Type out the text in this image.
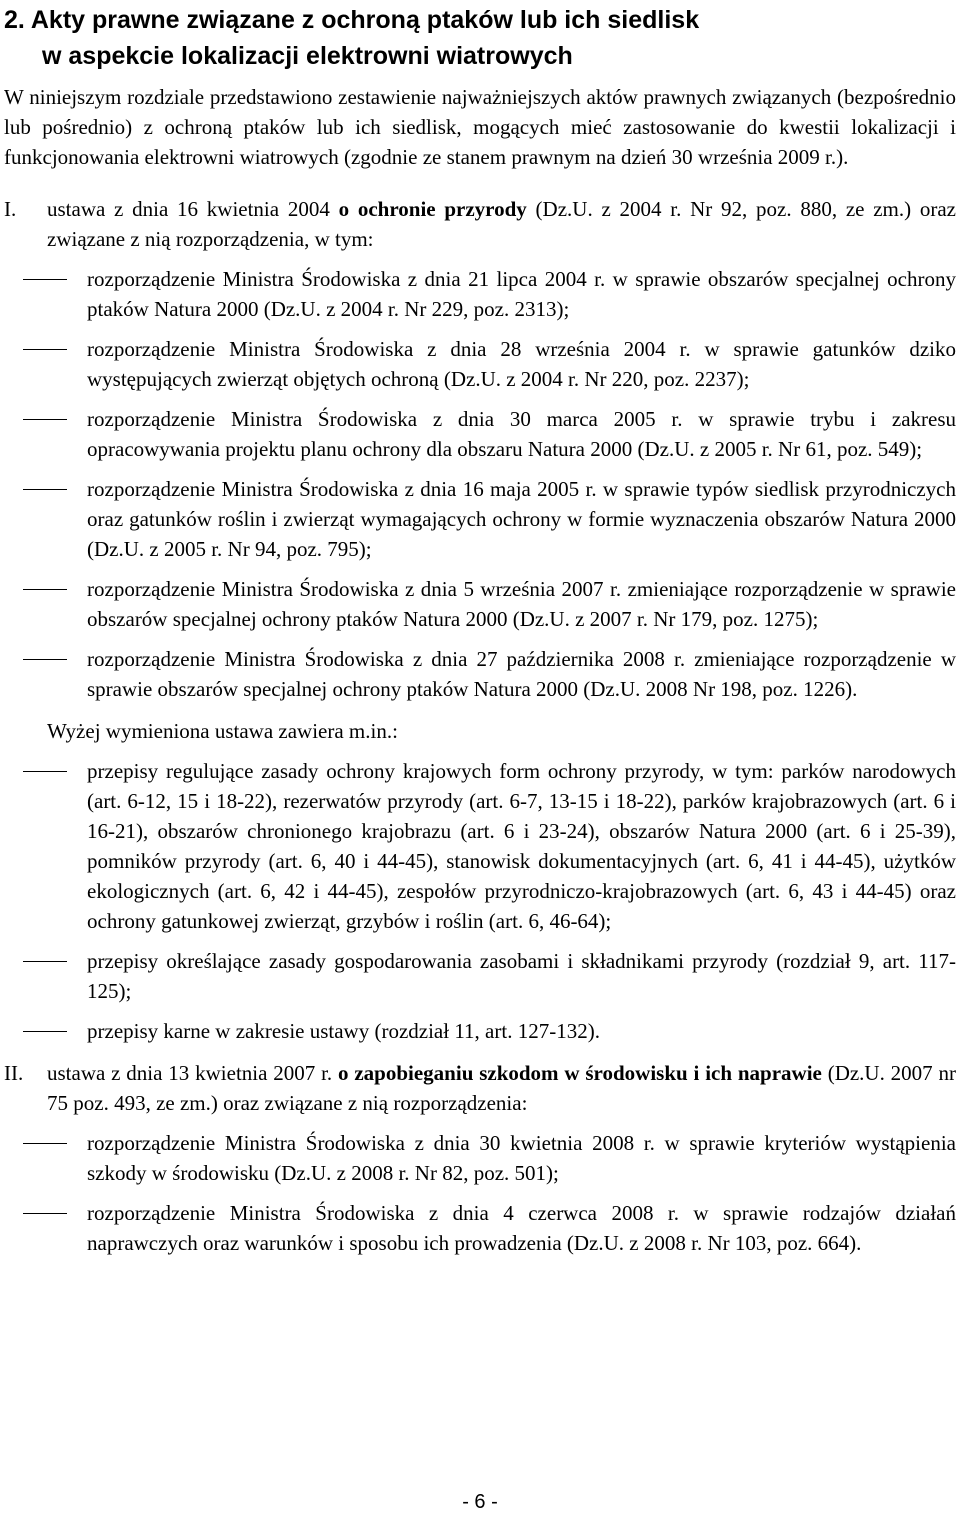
2. Akty prawne związane z ochroną ptaków lub ich siedlisk
w aspekcie lokalizacji elektrowni wiatrowych

W niniejszym rozdziale przedstawiono zestawienie najważniejszych aktów prawnych związanych (bezpośrednio lub pośrednio) z ochroną ptaków lub ich siedlisk, mogących mieć zastosowanie do kwestii lokalizacji i funkcjonowania elektrowni wiatrowych (zgodnie ze stanem prawnym na dzień 30 września 2009 r.).

I. ustawa z dnia 16 kwietnia 2004 o ochronie przyrody (Dz.U. z 2004 r. Nr 92, poz. 880, ze zm.) oraz związane z nią rozporządzenia, w tym:
rozporządzenie Ministra Środowiska z dnia 21 lipca 2004 r. w sprawie obszarów specjalnej ochrony ptaków Natura 2000 (Dz.U. z 2004 r. Nr 229, poz. 2313);
rozporządzenie Ministra Środowiska z dnia 28 września 2004 r. w sprawie gatunków dziko występujących zwierząt objętych ochroną (Dz.U. z 2004 r. Nr 220, poz. 2237);
rozporządzenie Ministra Środowiska z dnia 30 marca 2005 r. w sprawie trybu i zakresu opracowywania projektu planu ochrony dla obszaru Natura 2000 (Dz.U. z 2005 r. Nr 61, poz. 549);
rozporządzenie Ministra Środowiska z dnia 16 maja 2005 r. w sprawie typów siedlisk przyrodniczych oraz gatunków roślin i zwierząt wymagających ochrony w formie wyznaczenia obszarów Natura 2000 (Dz.U. z 2005 r. Nr 94, poz. 795);
rozporządzenie Ministra Środowiska z dnia 5 września 2007 r. zmieniające rozporządzenie w sprawie obszarów specjalnej ochrony ptaków Natura 2000 (Dz.U. z 2007 r. Nr 179, poz. 1275);
rozporządzenie Ministra Środowiska z dnia 27 października 2008 r. zmieniające rozporządzenie w sprawie obszarów specjalnej ochrony ptaków Natura 2000 (Dz.U. 2008 Nr 198, poz. 1226).

Wyżej wymieniona ustawa zawiera m.in.:

przepisy regulujące zasady ochrony krajowych form ochrony przyrody, w tym: parków narodowych (art. 6-12, 15 i 18-22), rezerwatów przyrody (art. 6-7, 13-15 i 18-22), parków krajobrazowych (art. 6 i 16-21), obszarów chronionego krajobrazu (art. 6 i 23-24), obszarów Natura 2000 (art. 6 i 25-39), pomników przyrody (art. 6, 40 i 44-45), stanowisk dokumentacyjnych (art. 6, 41 i 44-45), użytków ekologicznych (art. 6, 42 i 44-45), zespołów przyrodniczo-krajobrazowych (art. 6, 43 i 44-45) oraz ochrony gatunkowej zwierząt, grzybów i roślin (art. 6, 46-64);
przepisy określające zasady gospodarowania zasobami i składnikami przyrody (rozdział 9, art. 117-125);
przepisy karne w zakresie ustawy (rozdział 11, art. 127-132).
II. ustawa z dnia 13 kwietnia 2007 r. o zapobieganiu szkodom w środowisku i ich naprawie (Dz.U. 2007 nr 75 poz. 493, ze zm.) oraz związane z nią rozporządzenia:
rozporządzenie Ministra Środowiska z dnia 30 kwietnia 2008 r. w sprawie kryteriów wystąpienia szkody w środowisku (Dz.U. z 2008 r. Nr 82, poz. 501);
rozporządzenie Ministra Środowiska z dnia 4 czerwca 2008 r. w sprawie rodzajów działań naprawczych oraz warunków i sposobu ich prowadzenia (Dz.U. z 2008 r. Nr 103, poz. 664).
- 6 -
